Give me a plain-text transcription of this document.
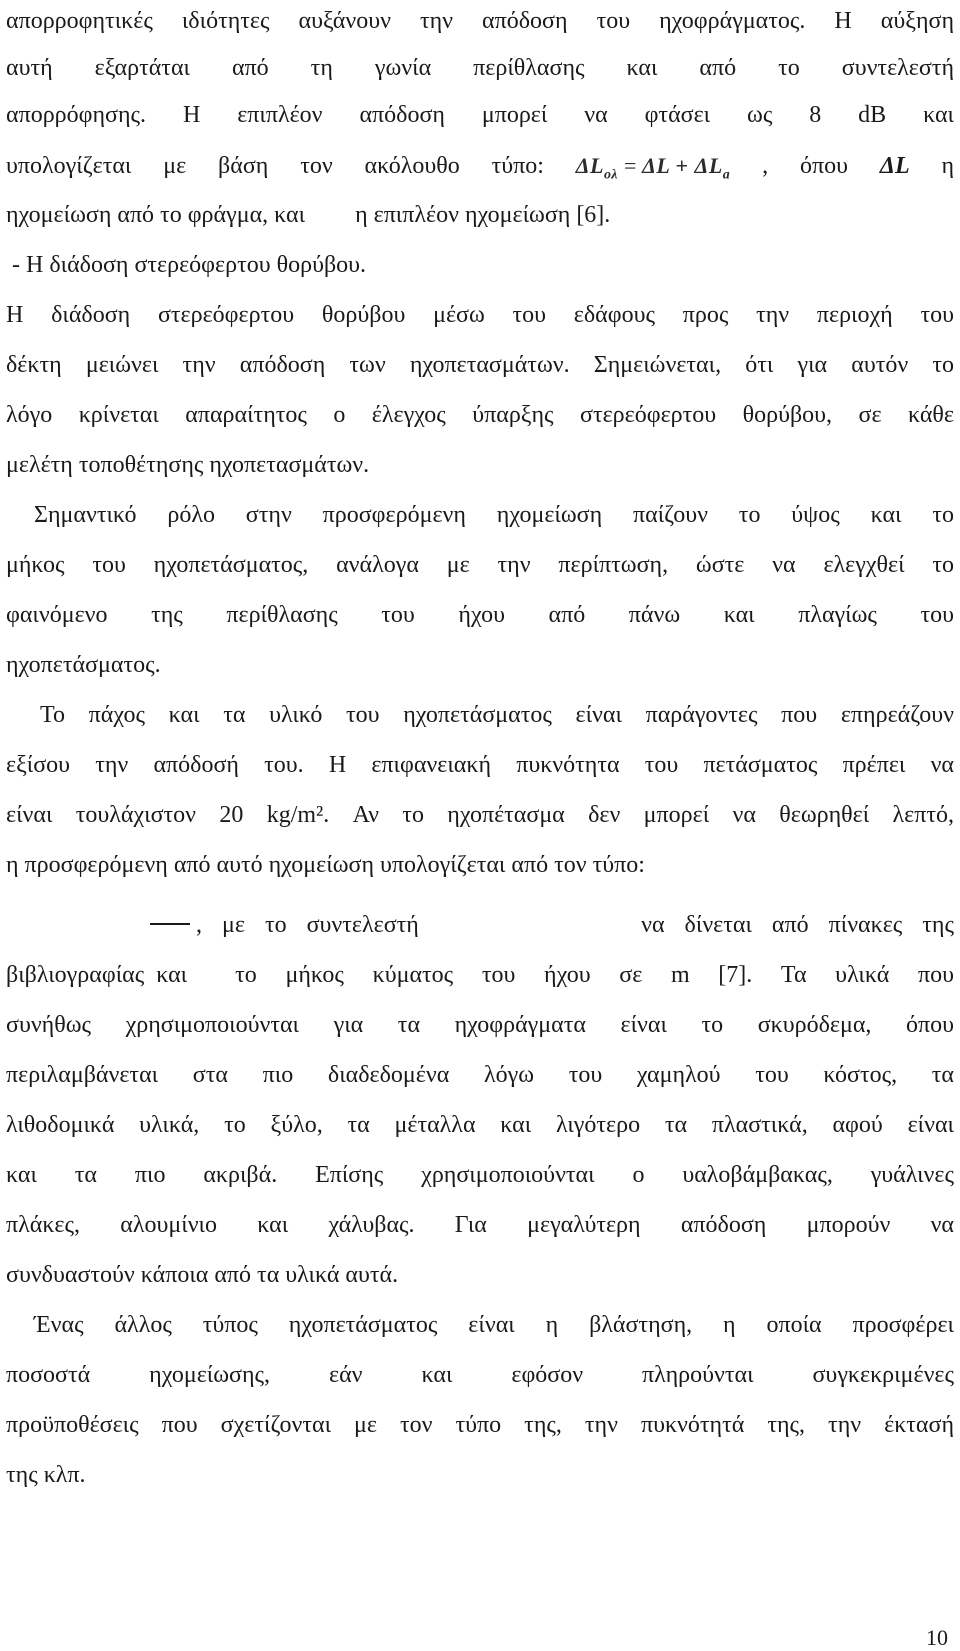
απορροφητικές ιδιότητες αυξάνουν την απόδοση του ηχοφράγματος. Η αύξηση
αυτή εξαρτάται από τη γωνία περίθλασης και από το συντελεστή
απορρόφησης. Η επιπλέον απόδοση μπορεί να φτάσει ως 8 dB και
υπολογίζεται με βάση τον ακόλουθο τύπο: $\Delta L_{o\lambda} = \Delta L + \Delta L_a$ , όπου ΔL η
ηχομείωση από το φράγμα, και η επιπλέον ηχομείωση [6].
- Η διάδοση στερεόφερτου θορύβου.
Η διάδοση στερεόφερτου θορύβου μέσω του εδάφους προς την περιοχή του
δέκτη μειώνει την απόδοση των ηχοπετασμάτων. Σημειώνεται, ότι για αυτόν το
λόγο κρίνεται απαραίτητος ο έλεγχος ύπαρξης στερεόφερτου θορύβου, σε κάθε
μελέτη τοποθέτησης ηχοπετασμάτων.
Σημαντικό ρόλο στην προσφερόμενη ηχομείωση παίζουν το ύψος και το
μήκος του ηχοπετάσματος, ανάλογα με την περίπτωση, ώστε να ελεγχθεί το
φαινόμενο της περίθλασης του ήχου από πάνω και πλαγίως του
ηχοπετάσματος.
Το πάχος και τα υλικό του ηχοπετάσματος είναι παράγοντες που επηρεάζουν
εξίσου την απόδοσή του. Η επιφανειακή πυκνότητα του πετάσματος πρέπει να
είναι τουλάχιστον 20 kg/m². Αν το ηχοπέτασμα δεν μπορεί να θεωρηθεί λεπτό,
η προσφερόμενη από αυτό ηχομείωση υπολογίζεται από τον τύπο:
, με το συντελεστή	να δίνεται από πίνακες της
βιβλιογραφίας και το μήκος κύματος του ήχου σε m [7]. Τα υλικά που
συνήθως χρησιμοποιούνται για τα ηχοφράγματα είναι το σκυρόδεμα, όπου
περιλαμβάνεται στα πιο διαδεδομένα λόγω του χαμηλού του κόστος, τα
λιθοδομικά υλικά, το ξύλο, τα μέταλλα και λιγότερο τα πλαστικά, αφού είναι
και τα πιο ακριβά. Επίσης χρησιμοποιούνται ο υαλοβάμβακας, γυάλινες
πλάκες, αλουμίνιο και χάλυβας. Για μεγαλύτερη απόδοση μπορούν να
συνδυαστούν κάποια από τα υλικά αυτά.
Ένας άλλος τύπος ηχοπετάσματος είναι η βλάστηση, η οποία προσφέρει
ποσοστά ηχομείωσης, εάν και εφόσον πληρούνται συγκεκριμένες
προϋποθέσεις που σχετίζονται με τον τύπο της, την πυκνότητά της, την έκτασή
της κλπ.
10
